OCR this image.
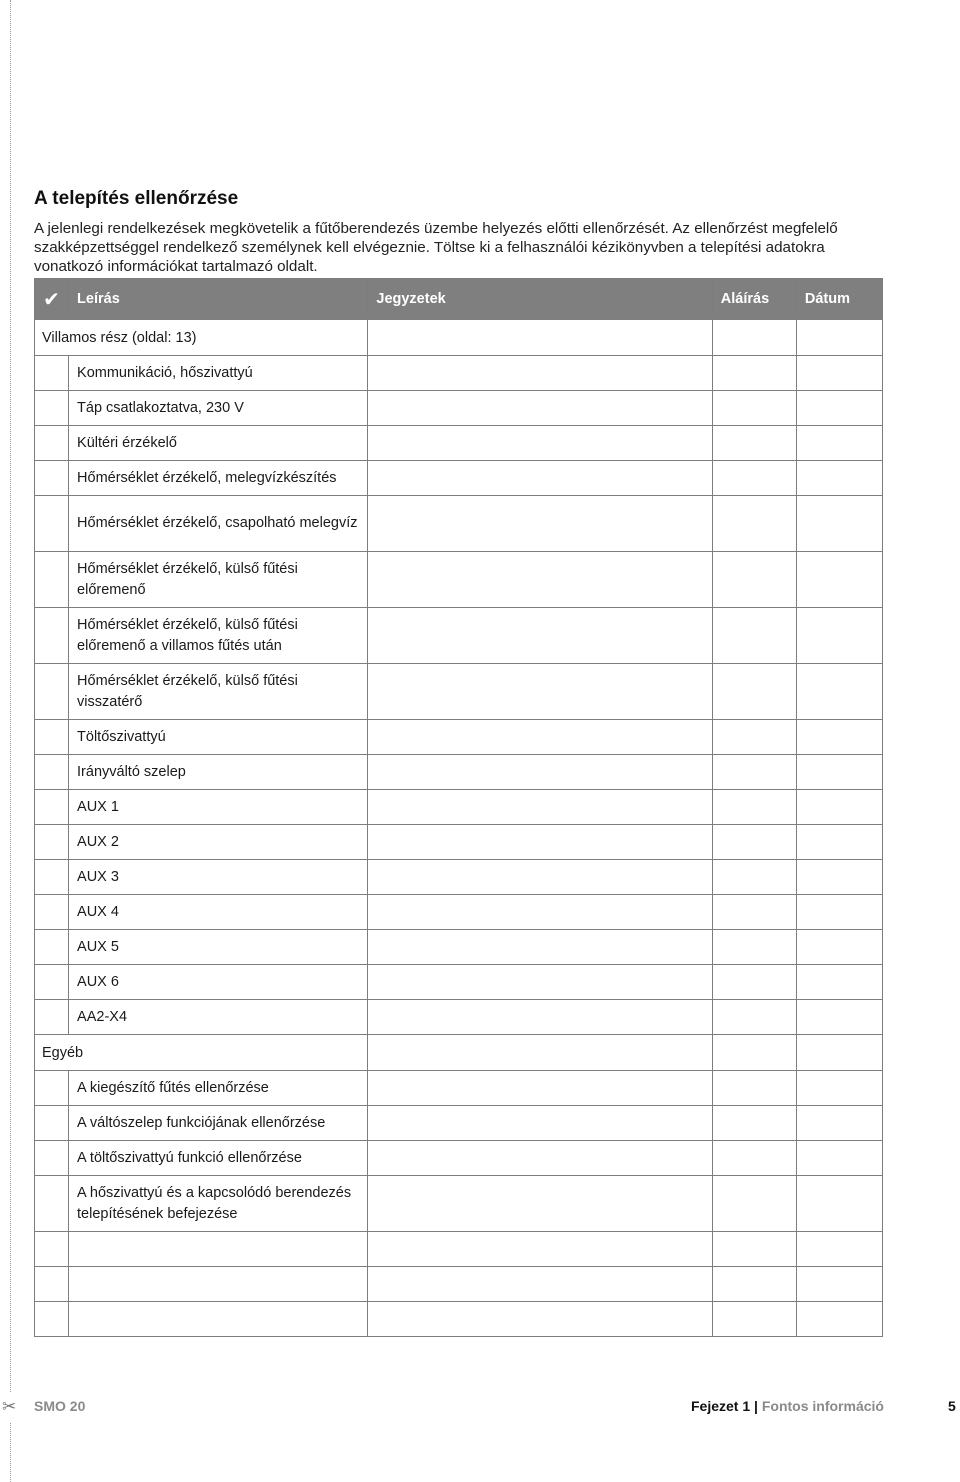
✂
A telepítés ellenőrzése

A jelenlegi rendelkezések megkövetelik a fűtőberendezés üzembe helyezés előtti ellenőrzését. Az ellenőrzést megfelelő szakképzettséggel rendelkező személynek kell elvégeznie. Töltse ki a felhasználói kézikönyvben a telepítési adatokra vonatkozó információkat tartalmazó oldalt.

✔	Leírás	Jegyzetek	Aláírás	Dátum
Villamos rész (oldal: 13)				
	Kommunikáció, hőszivattyú			
	Táp csatlakoztatva, 230 V			
	Kültéri érzékelő			
	Hőmérséklet érzékelő, melegvízkészítés			
	Hőmérséklet érzékelő, csapolható melegvíz			
	Hőmérséklet érzékelő, külső fűtési előremenő			
	Hőmérséklet érzékelő, külső fűtési előremenő a villamos fűtés után			
	Hőmérséklet érzékelő, külső fűtési visszatérő			
	Töltőszivattyú			
	Irányváltó szelep			
	AUX 1			
	AUX 2			
	AUX 3			
	AUX 4			
	AUX 5			
	AUX 6			
	AA2-X4			
Egyéb				
	A kiegészítő fűtés ellenőrzése			
	A váltószelep funkciójának ellenőrzése			
	A töltőszivattyú funkció ellenőrzése			
	A hőszivattyú és a kapcsolódó berendezés telepítésének befejezése			

SMO 20	Fejezet 1 | Fontos információ	5
